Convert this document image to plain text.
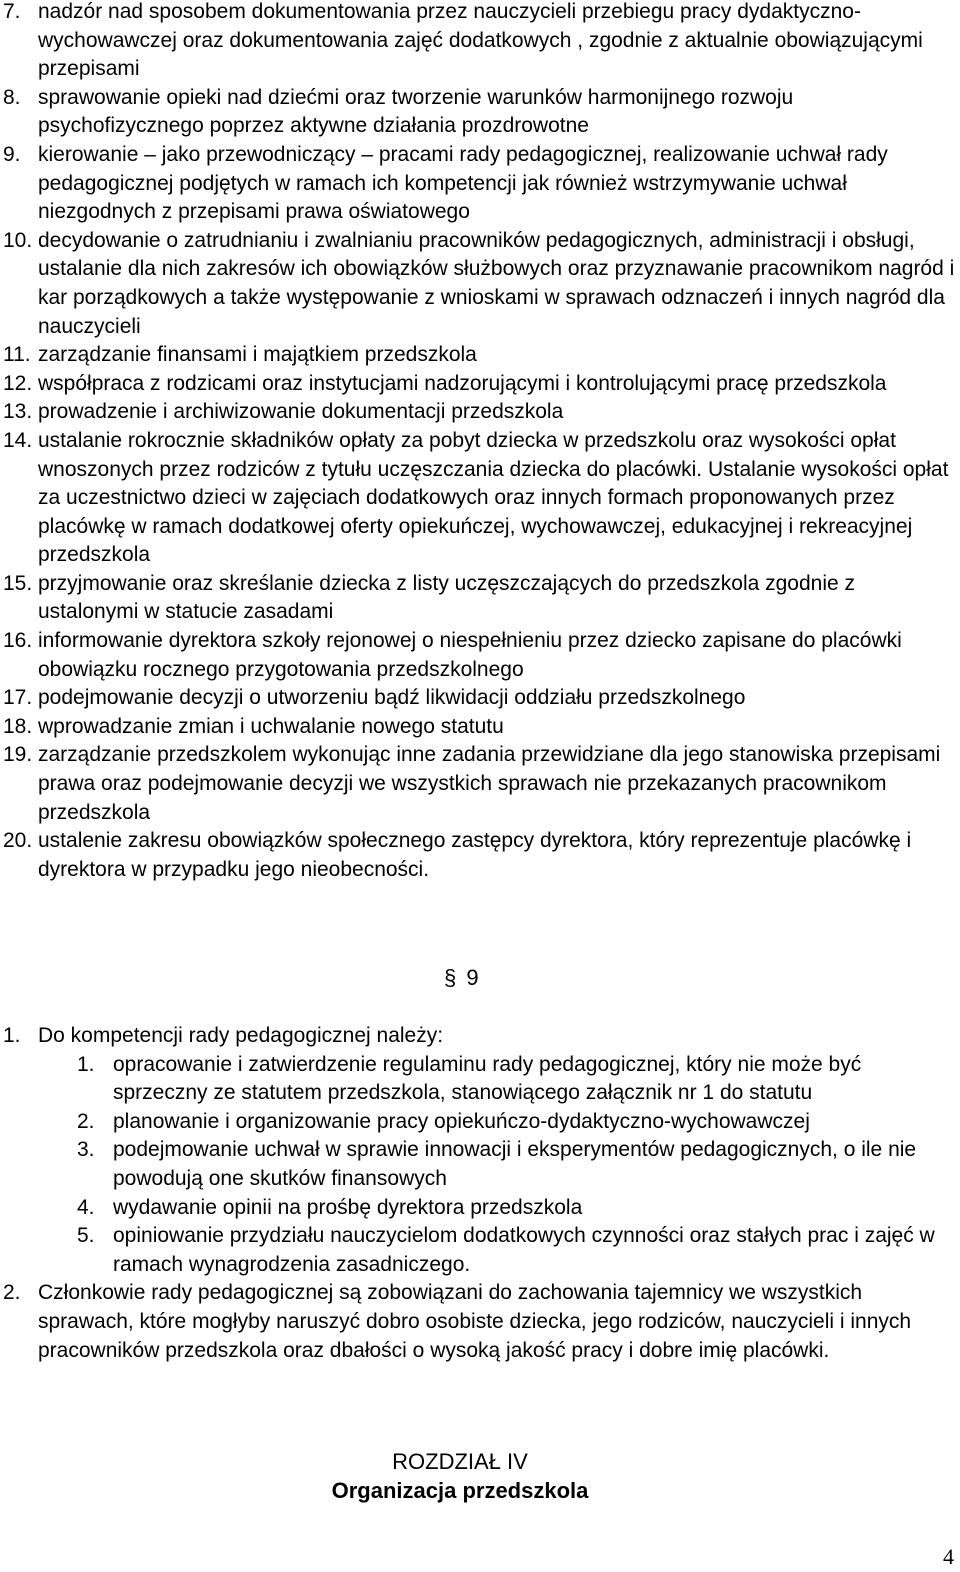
7. nadzór nad sposobem dokumentowania przez nauczycieli przebiegu pracy dydaktyczno-wychowawczej oraz dokumentowania zajęć dodatkowych , zgodnie z aktualnie obowiązującymi przepisami
8. sprawowanie opieki nad dziećmi oraz tworzenie warunków harmonijnego rozwoju psychofizycznego poprzez aktywne działania prozdrowotne
9. kierowanie – jako przewodniczący – pracami rady pedagogicznej, realizowanie uchwał rady pedagogicznej podjętych w ramach ich kompetencji jak również wstrzymywanie uchwał niezgodnych z przepisami prawa oświatowego
10. decydowanie o zatrudnianiu i zwalnianiu pracowników pedagogicznych, administracji i obsługi, ustalanie dla nich zakresów ich obowiązków służbowych oraz przyznawanie pracownikom nagród i kar porządkowych a także występowanie z wnioskami w sprawach odznaczeń i innych nagród dla nauczycieli
11. zarządzanie finansami i majątkiem przedszkola
12. współpraca z rodzicami oraz instytucjami nadzorującymi i kontrolującymi pracę przedszkola
13. prowadzenie i archiwizowanie dokumentacji przedszkola
14. ustalanie rokrocznie składników opłaty za pobyt dziecka w przedszkolu oraz wysokości opłat wnoszonych przez rodziców z tytułu uczęszczania dziecka do placówki. Ustalanie wysokości opłat za uczestnictwo dzieci w zajęciach dodatkowych oraz innych formach proponowanych przez placówkę w ramach dodatkowej oferty opiekuńczej, wychowawczej, edukacyjnej i rekreacyjnej przedszkola
15. przyjmowanie oraz skreślanie dziecka z listy uczęszczających do przedszkola zgodnie z ustalonymi w statucie zasadami
16. informowanie dyrektora szkoły rejonowej o niespełnieniu przez dziecko zapisane do placówki obowiązku rocznego przygotowania przedszkolnego
17. podejmowanie decyzji o utworzeniu bądź likwidacji oddziału przedszkolnego
18. wprowadzanie zmian i uchwalanie nowego statutu
19. zarządzanie przedszkolem wykonując inne zadania przewidziane dla jego stanowiska przepisami prawa oraz podejmowanie decyzji we wszystkich sprawach nie przekazanych pracownikom przedszkola
20. ustalenie zakresu obowiązków społecznego zastępcy dyrektora, który reprezentuje placówkę i dyrektora w przypadku jego nieobecności.
§ 9
1. Do kompetencji rady pedagogicznej należy:
1. opracowanie i zatwierdzenie regulaminu rady pedagogicznej, który nie może być sprzeczny ze statutem przedszkola, stanowiącego załącznik nr 1 do statutu
2. planowanie i organizowanie pracy opiekuńczo-dydaktyczno-wychowawczej
3. podejmowanie uchwał w sprawie innowacji i eksperymentów pedagogicznych, o ile nie powodują one skutków finansowych
4. wydawanie opinii na prośbę dyrektora przedszkola
5. opiniowanie przydziału nauczycielom dodatkowych czynności oraz stałych prac i zajęć w ramach wynagrodzenia zasadniczego.
2. Członkowie rady pedagogicznej są zobowiązani do zachowania tajemnicy we wszystkich sprawach, które mogłyby naruszyć dobro osobiste dziecka, jego rodziców, nauczycieli i innych pracowników przedszkola oraz dbałości o wysoką jakość pracy i dobre imię placówki.
ROZDZIAŁ IV
Organizacja przedszkola
4
